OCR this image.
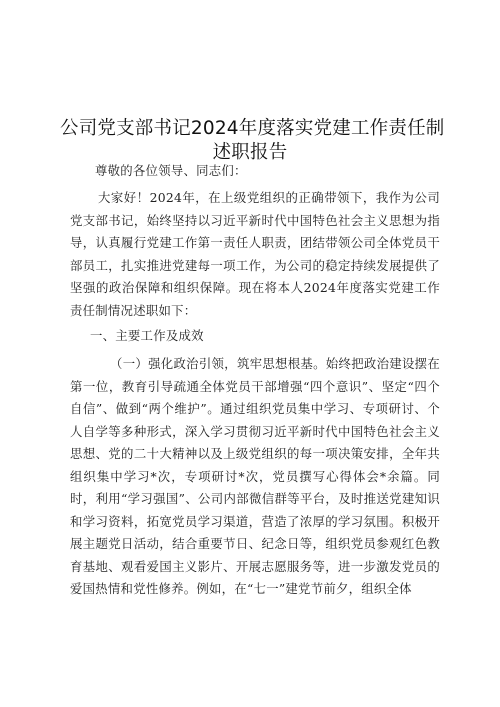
公司党支部书记2024年度落实党建工作责任制
述职报告
尊敬的各位领导、同志们：
大家好！2024年，在上级党组织的正确带领下，我作为公司党支部书记，始终坚持以习近平新时代中国特色社会主义思想为指导，认真履行党建工作第一责任人职责，团结带领公司全体党员干部员工，扎实推进党建每一项工作，为公司的稳定持续发展提供了坚强的政治保障和组织保障。现在将本人2024年度落实党建工作责任制情况述职如下：
一、主要工作及成效
（一）强化政治引领，筑牢思想根基。始终把政治建设摆在第一位，教育引导疏通全体党员干部增强“四个意识”、坚定“四个自信”、做到“两个维护”。通过组织党员集中学习、专项研讨、个人自学等多种形式，深入学习贯彻习近平新时代中国特色社会主义思想、党的二十大精神以及上级党组织的每一项决策安排，全年共组织集中学习*次，专项研讨*次，党员撰写心得体会*余篇。同时，利用“学习强国”、公司内部微信群等平台，及时推送党建知识和学习资料，拓宽党员学习渠道，营造了浓厚的学习氛围。积极开展主题党日活动，结合重要节日、纪念日等，组织党员参观红色教育基地、观看爱国主义影片、开展志愿服务等，进一步激发党员的爱国热情和党性修养。例如，在“七一”建党节前夕，组织全体
